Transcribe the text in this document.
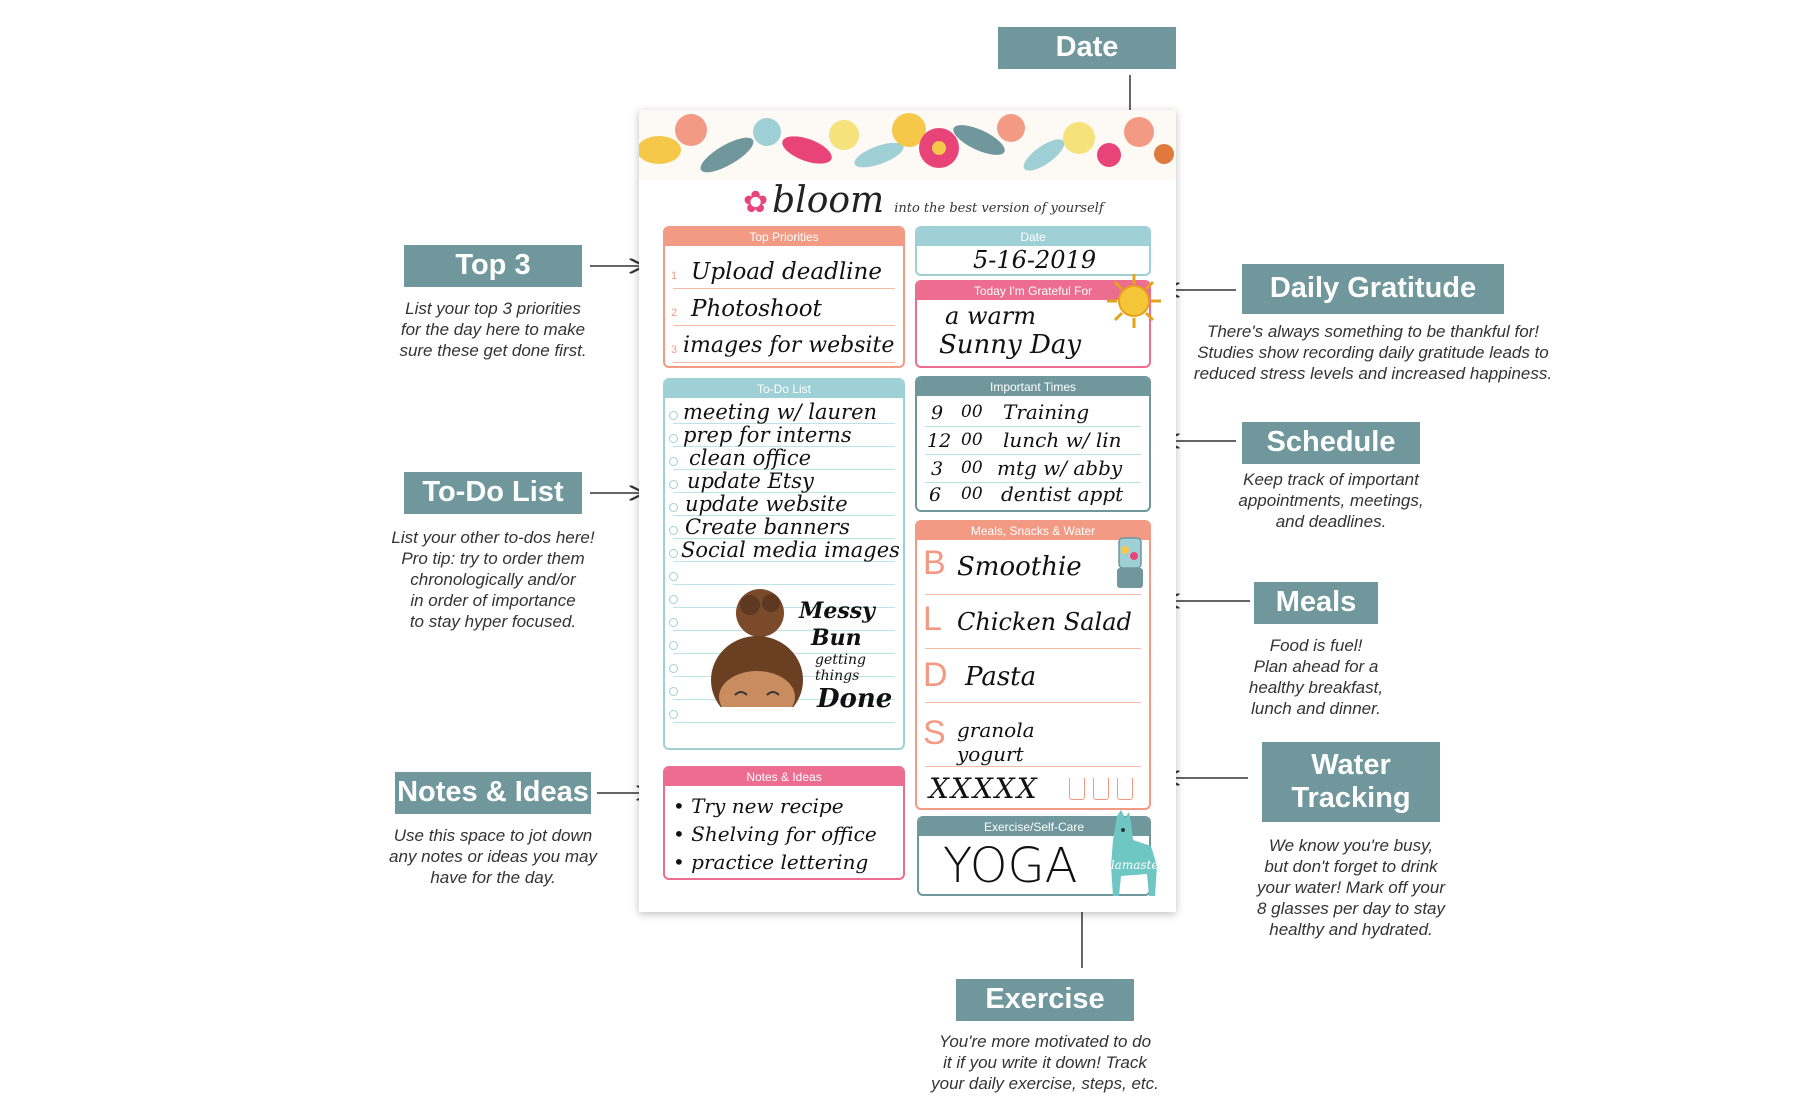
Date
Top 3
List your top 3 priorities
for the day here to make
sure these get done first.
To-Do List
List your other to-dos here!
Pro tip: try to order them
chronologically and/or
in order of importance
to stay hyper focused.
Notes & Ideas
Use this space to jot down
any notes or ideas you may
have for the day.
Daily Gratitude
There's always something to be thankful for!
Studies show recording daily gratitude leads to
reduced stress levels and increased happiness.
Schedule
Keep track of important
appointments, meetings,
and deadlines.
Meals
Food is fuel!
Plan ahead for a
healthy breakfast,
lunch and dinner.
Water
Tracking
We know you're busy,
but don't forget to drink
your water! Mark off your
8 glasses per day to stay
healthy and hydrated.
Exercise
You're more motivated to do
it if you write it down! Track
your daily exercise, steps, etc.
✿ bloom into the best version of yourself
Top Priorities
1
2
3
Upload deadline
Photoshoot
images for website
Date
5-16-2019
Today I'm Grateful For
a warm
Sunny Day
To-Do List
meeting w/ lauren
prep for interns
clean office
update Etsy
update website
Create banners
Social media images
Messy
Bun
getting
things
Done
Important Times
9 00 Training
12 00 lunch w/ lin
3 00 mtg w/ abby
6 00 dentist appt
Meals, Snacks & Water
B Smoothie
L Chicken Salad
D Pasta
S granola yogurt
XXXXX
Notes & Ideas
• Try new recipe
• Shelving for office
• practice lettering
Exercise/Self-Care
YOGA llamaste
